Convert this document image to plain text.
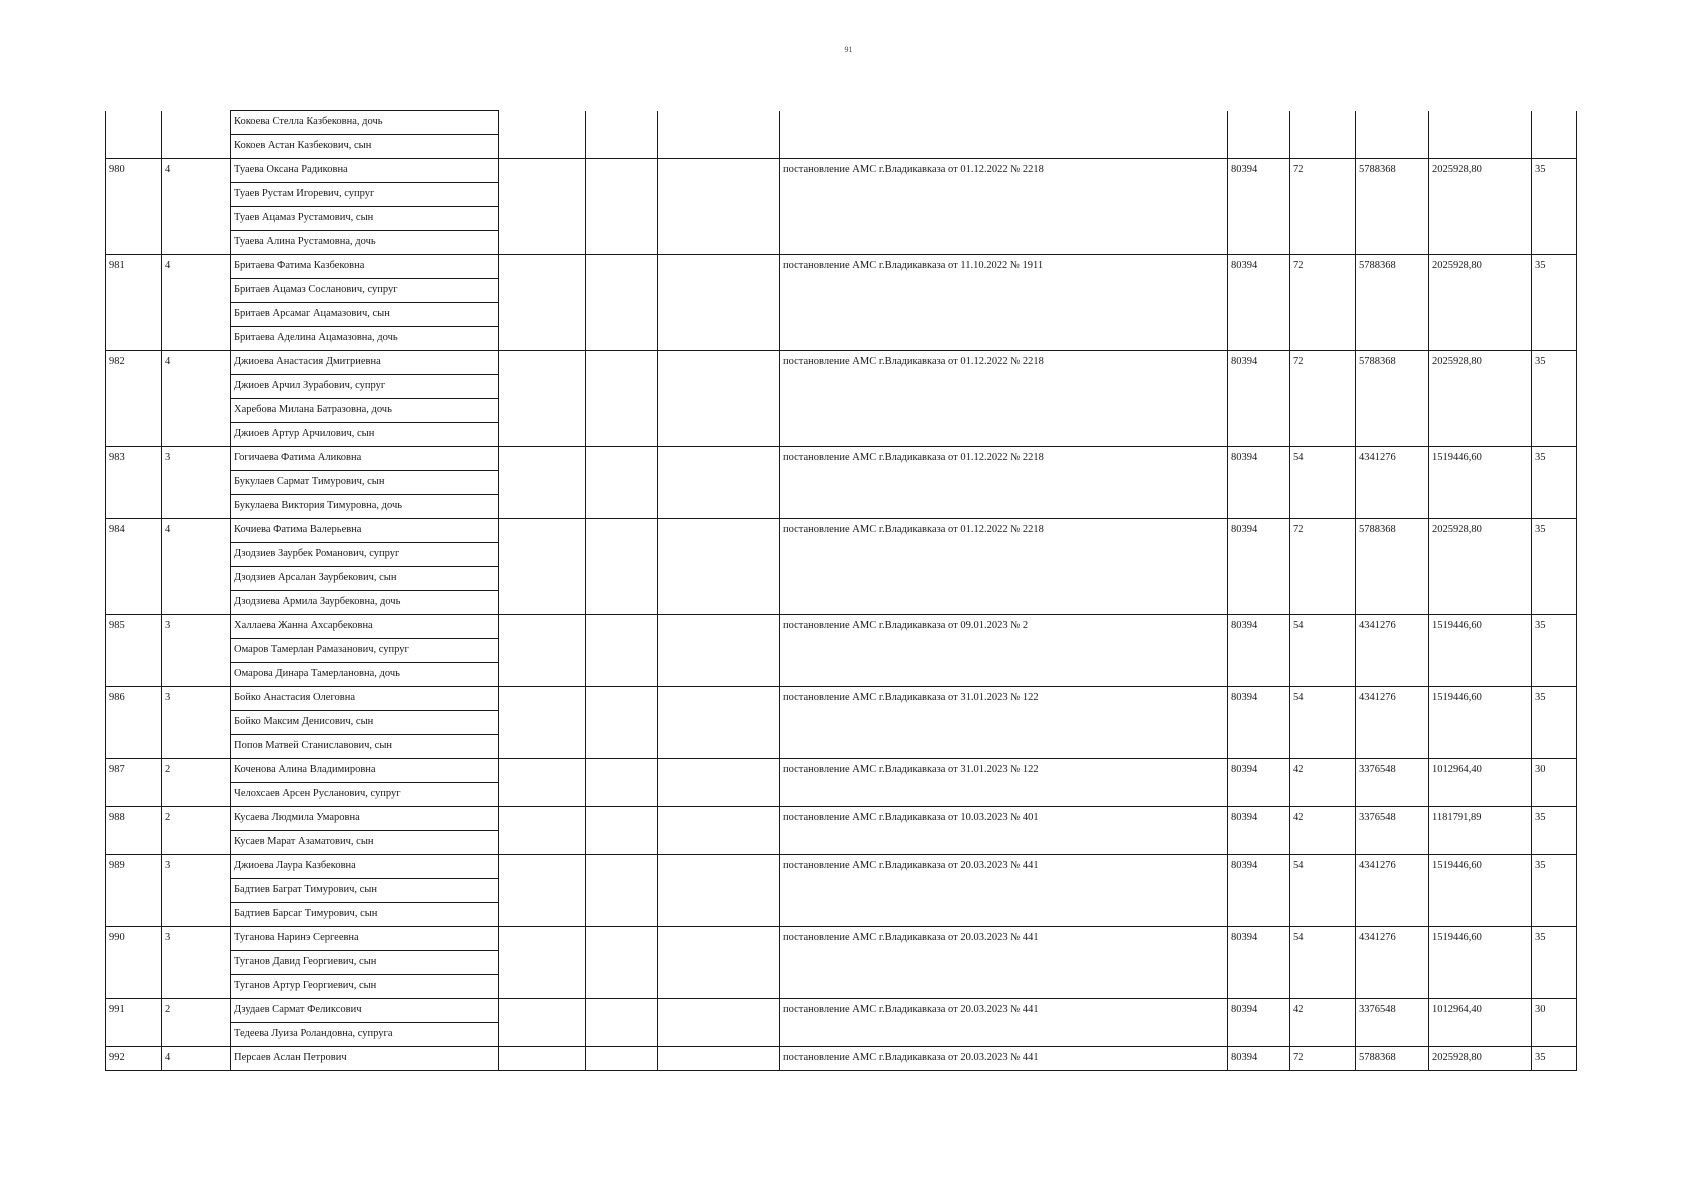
91
		Кокоева Стелла Казбековна, дочь									
		Кокоев Астан Казбекович, сын									
980	4	Туаева Оксана Радиковна				постановление АМС г.Владикавказа от 01.12.2022 № 2218	80394	72	5788368	2025928,80	35
		Туаев Рустам Игоревич, супруг									
		Туаев Ацамаз Рустамович, сын									
		Туаева Алина Рустамовна, дочь									
981	4	Бритаева Фатима Казбековна				постановление АМС г.Владикавказа от 11.10.2022 № 1911	80394	72	5788368	2025928,80	35
		Бритаев Ацамаз Сосланович, супруг									
		Бритаев Арсамаг Ацамазович, сын									
		Бритаева Аделина Ацамазовна, дочь									
982	4	Джиоева Анастасия Дмитриевна				постановление АМС г.Владикавказа от 01.12.2022 № 2218	80394	72	5788368	2025928,80	35
		Джиоев Арчил Зурабович, супруг									
		Харебова Милана Батразовна, дочь									
		Джиоев Артур Арчилович, сын									
983	3	Гогичаева Фатима Аликовна				постановление АМС г.Владикавказа от 01.12.2022 № 2218	80394	54	4341276	1519446,60	35
		Букулаев Сармат Тимурович, сын									
		Букулаева Виктория Тимуровна, дочь									
984	4	Кочиева Фатима Валерьевна				постановление АМС г.Владикавказа от 01.12.2022 № 2218	80394	72	5788368	2025928,80	35
		Дзодзиев Заурбек Романович, супруг									
		Дзодзиев Арсалан Заурбекович, сын									
		Дзодзиева Армила Заурбековна, дочь									
985	3	Халлаева Жанна Ахсарбековна				постановление АМС г.Владикавказа от 09.01.2023 № 2	80394	54	4341276	1519446,60	35
		Омаров Тамерлан Рамазанович, супруг									
		Омарова Динара Тамерлановна, дочь									
986	3	Бойко Анастасия Олеговна				постановление АМС г.Владикавказа от 31.01.2023 № 122	80394	54	4341276	1519446,60	35
		Бойко Максим Денисович, сын									
		Попов Матвей Станиславович, сын									
987	2	Коченова Алина Владимировна				постановление АМС г.Владикавказа от 31.01.2023 № 122	80394	42	3376548	1012964,40	30
		Челохсаев Арсен Русланович, супруг									
988	2	Кусаева Людмила Умаровна				постановление АМС г.Владикавказа от 10.03.2023 № 401	80394	42	3376548	1181791,89	35
		Кусаев Марат Азаматович, сын									
989	3	Джиоева Лаура Казбековна				постановление АМС г.Владикавказа от 20.03.2023 № 441	80394	54	4341276	1519446,60	35
		Бадтиев Баграт Тимурович, сын									
		Бадтиев Барсаг Тимурович, сын									
990	3	Туганова Наринэ Сергеевна				постановление АМС г.Владикавказа от 20.03.2023 № 441	80394	54	4341276	1519446,60	35
		Туганов Давид Георгиевич, сын									
		Туганов Артур Георгиевич, сын									
991	2	Дзудаев Сармат Феликсович				постановление АМС г.Владикавказа от 20.03.2023 № 441	80394	42	3376548	1012964,40	30
		Тедеева Луиза Роландовна, супруга									
992	4	Персаев Аслан Петрович				постановление АМС г.Владикавказа от 20.03.2023 № 441	80394	72	5788368	2025928,80	35
